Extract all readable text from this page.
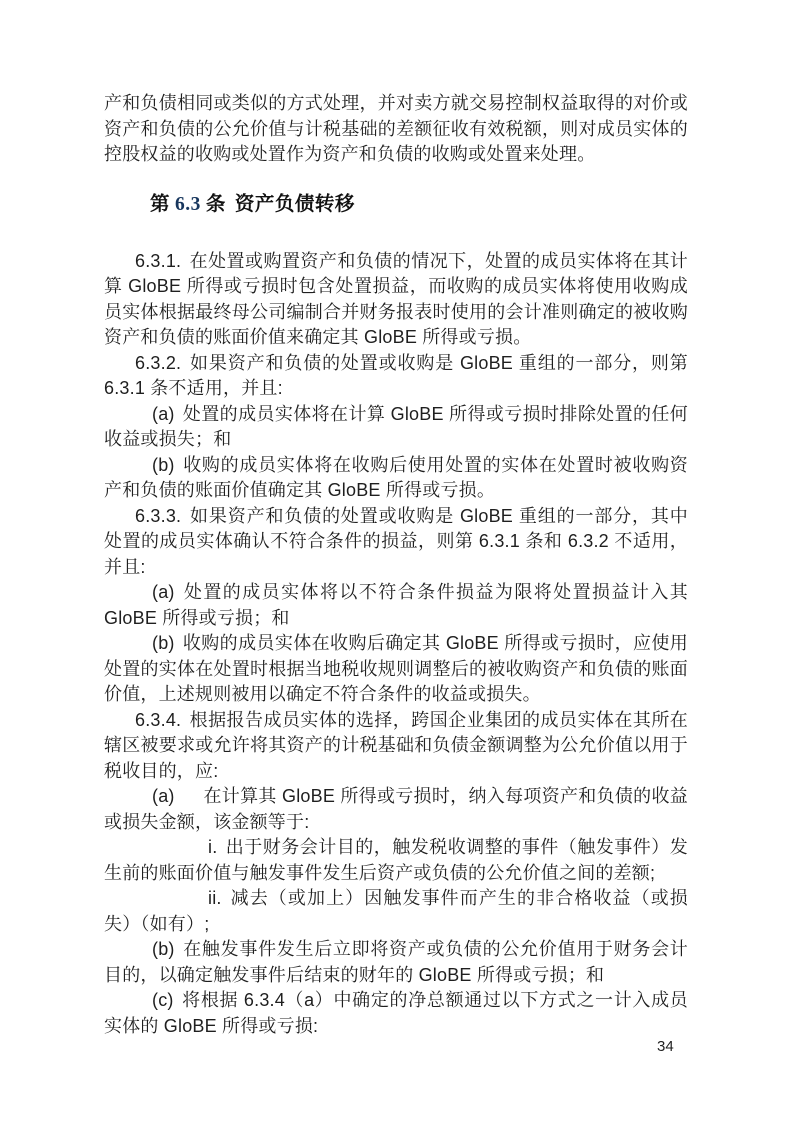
产和负债相同或类似的方式处理，并对卖方就交易控制权益取得的对价或资产和负债的公允价值与计税基础的差额征收有效税额，则对成员实体的控股权益的收购或处置作为资产和负债的收购或处置来处理。

第 6.3 条 资产负债转移

6.3.1. 在处置或购置资产和负债的情况下，处置的成员实体将在其计算 GloBE 所得或亏损时包含处置损益，而收购的成员实体将使用收购成员实体根据最终母公司编制合并财务报表时使用的会计准则确定的被收购资产和负债的账面价值来确定其 GloBE 所得或亏损。

6.3.2. 如果资产和负债的处置或收购是 GloBE 重组的一部分，则第 6.3.1 条不适用，并且:

(a) 处置的成员实体将在计算 GloBE 所得或亏损时排除处置的任何收益或损失；和

(b) 收购的成员实体将在收购后使用处置的实体在处置时被收购资产和负债的账面价值确定其 GloBE 所得或亏损。

6.3.3. 如果资产和负债的处置或收购是 GloBE 重组的一部分，其中处置的成员实体确认不符合条件的损益，则第 6.3.1 条和 6.3.2 不适用，并且:

(a) 处置的成员实体将以不符合条件损益为限将处置损益计入其 GloBE 所得或亏损；和

(b) 收购的成员实体在收购后确定其 GloBE 所得或亏损时，应使用处置的实体在处置时根据当地税收规则调整后的被收购资产和负债的账面价值，上述规则被用以确定不符合条件的收益或损失。

6.3.4. 根据报告成员实体的选择，跨国企业集团的成员实体在其所在辖区被要求或允许将其资产的计税基础和负债金额调整为公允价值以用于税收目的，应:

(a) 在计算其 GloBE 所得或亏损时，纳入每项资产和负债的收益或损失金额，该金额等于:

i. 出于财务会计目的，触发税收调整的事件（触发事件）发生前的账面价值与触发事件发生后资产或负债的公允价值之间的差额;

ii. 减去（或加上）因触发事件而产生的非合格收益（或损失）（如有）;

(b) 在触发事件发生后立即将资产或负债的公允价值用于财务会计目的，以确定触发事件后结束的财年的 GloBE 所得或亏损；和

(c) 将根据 6.3.4（a）中确定的净总额通过以下方式之一计入成员实体的 GloBE 所得或亏损:

34
